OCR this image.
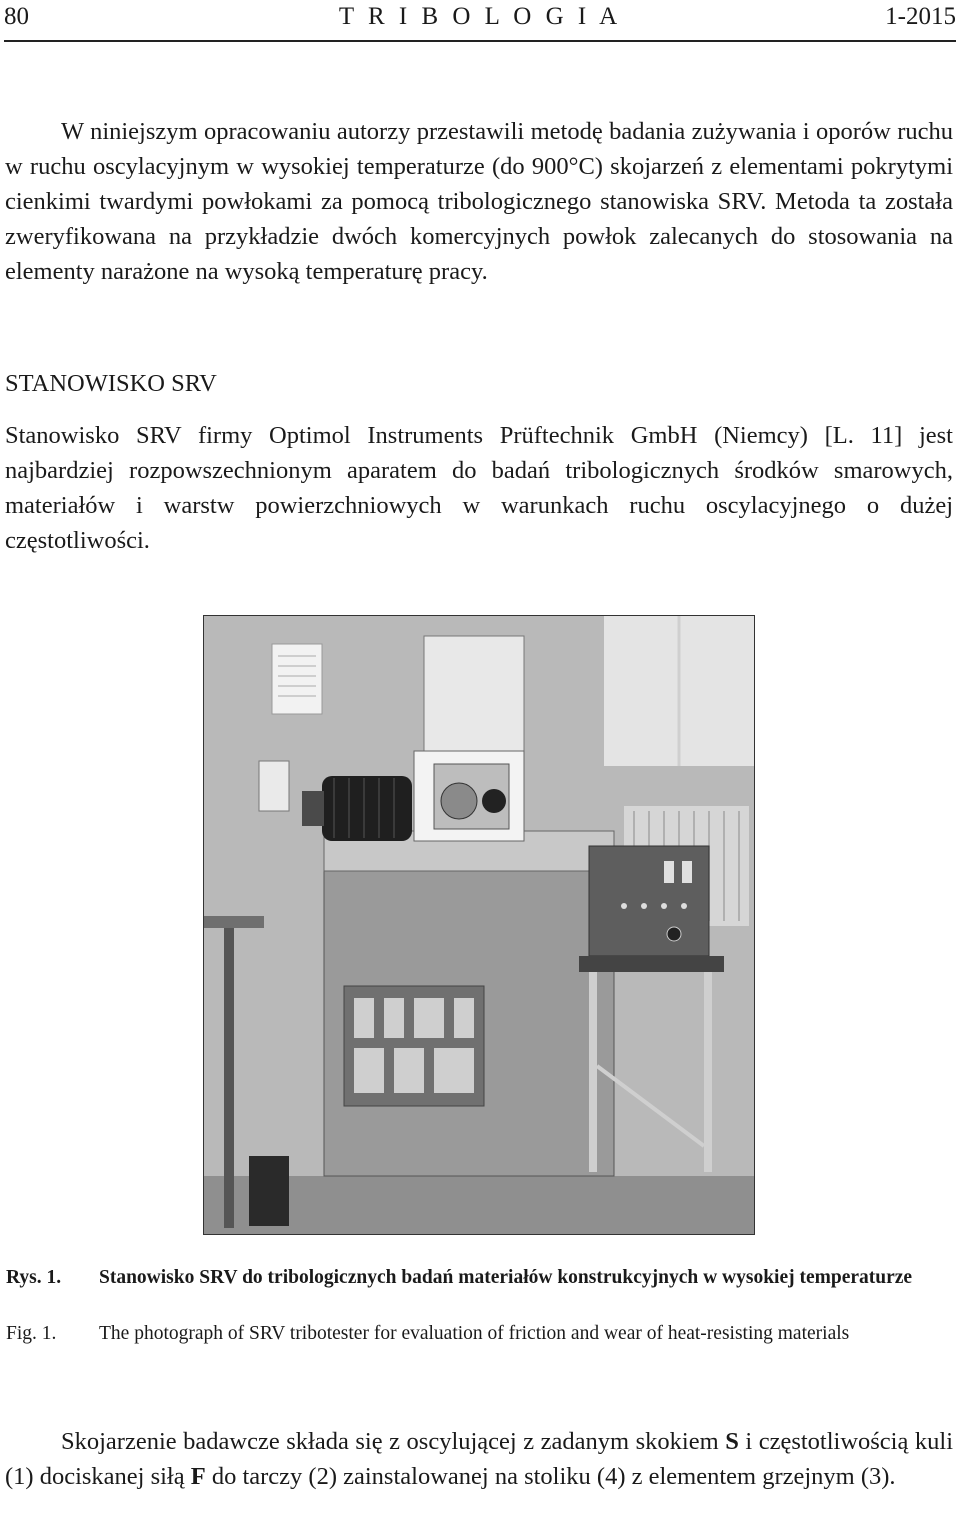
80	T R I B O L O G I A	1-2015

W niniejszym opracowaniu autorzy przestawili metodę badania zużywania i oporów ruchu w ruchu oscylacyjnym w wysokiej temperaturze (do 900°C) skojarzeń z elementami pokrytymi cienkimi twardymi powłokami za pomocą tribologicznego stanowiska SRV. Metoda ta została zweryfikowana na przykładzie dwóch komercyjnych powłok zalecanych do stosowania na elementy narażone na wysoką temperaturę pracy.

STANOWISKO SRV

Stanowisko SRV firmy Optimol Instruments Prüftechnik GmbH (Niemcy) [L. 11] jest najbardziej rozpowszechnionym aparatem do badań tribologicznych środków smarowych, materiałów i warstw powierzchniowych w warunkach ruchu oscylacyjnego o dużej częstotliwości.

Rys. 1. Stanowisko SRV do tribologicznych badań materiałów konstrukcyjnych w wysokiej temperaturze
Fig. 1. The photograph of SRV tribotester for evaluation of friction and wear of heat-resisting materials

Skojarzenie badawcze składa się z oscylującej z zadanym skokiem S i częstotliwością kuli (1) dociskanej siłą F do tarczy (2) zainstalowanej na stoliku (4) z elementem grzejnym (3).
